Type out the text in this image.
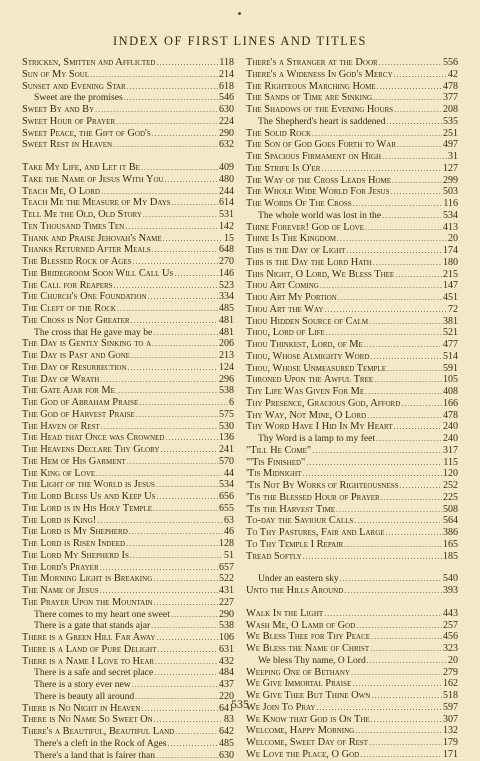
INDEX OF FIRST LINES AND TITLES
Stricken, Smitten and Afflicted .....	118
Sun of My Soul .....	214
Sunset and Evening Star .....	618
Sweet are the promises .....	546
Sweet By and By .....	630
Sweet Hour of Prayer .....	224
Sweet Peace, the Gift of God's .....	290
Sweet Rest in Heaven .....	632
Take My Life, and Let it Be .....	409
Take the Name of Jesus With You .....	480
Teach Me, O Lord .....	244
Teach Me the Measure of My Days .....	614
Tell Me the Old, Old Story .....	531
Ten Thousand Times Ten .....	142
Thank and Praise Jehovah's Name .....	15
Thanks Returned After Meals .....	648
The Blessed Rock of Ages .....	270
The Bridegroom Soon Will Call Us .....	146
The Call for Reapers .....	523
The Church's One Foundation .....	334
The Cleft of the Rock .....	485
The Cross is Not Greater .....	481
The cross that He gave may be .....	481
The Day is Gently Sinking to a .....	206
The Day is Past and Gone .....	213
The Day of Resurrection .....	124
The Day of Wrath .....	296
The Gate Ajar for Me .....	538
The God of Abraham Praise .....	6
The God of Harvest Praise .....	575
The Haven of Rest .....	530
The Head that Once was Crowned .....	136
The Heavens Declare Thy Glory .....	241
The Hem of His Garment .....	570
The King of Love .....	44
The Light of the World is Jesus .....	534
The Lord Bless Us and Keep Us .....	656
The Lord is in His Holy Temple .....	655
The Lord is King! .....	63
The Lord is My Shepherd .....	46
The Lord is Risen Indeed .....	128
The Lord My Shepherd Is .....	51
The Lord's Prayer .....	657
The Morning Light is Breaking .....	522
The Name of Jesus .....	431
The Prayer Upon the Mountain .....	227
There comes to my heart one sweet .....	290
There is a gate that stands ajar .....	538
There is a Green Hill Far Away .....	106
There is a Land of Pure Delight .....	631
There is a Name I Love to Hear .....	432
There is a safe and secret place .....	484
There is a story ever new .....	437
There is beauty all around .....	220
There is No Night in Heaven .....	641
There is No Name So Sweet On .....	83
There's a Beautiful, Beautiful Land .....	642
There's a cleft in the Rock of Ages .....	485
There's a land that is fairer than .....	630
There's a Stranger at the Door .....	556
There's a Wideness In God's Mercy .....	42
The Righteous Marching Home .....	478
The Sands of Time are Sinking .....	377
The Shadows of the Evening Hours .....	208
The Shepherd's heart is saddened .....	535
The Solid Rock .....	251
The Son of God Goes Forth to War .....	497
The Spacious Firmament on High .....	31
The Strife Is O'er .....	127
The Way of the Cross Leads Home .....	299
The Whole Wide World For Jesus .....	503
The Words Of The Cross .....	116
The whole world was lost in the .....	534
Thine Forever! God of Love .....	413
Thine Is The Kingdom .....	20
This is the Day of Light .....	174
This is the Day the Lord Hath .....	180
This Night, O Lord, We Bless Thee .....	215
Thou Art Coming .....	147
Thou Art My Portion .....	451
Thou Art the Way .....	72
Thou Hidden Source of Calm .....	381
Thou, Lord of Life .....	521
Thou Thinkest, Lord, of Me .....	477
Thou, Whose Almighty Word .....	514
Thou, Whose Unmeasured Temple .....	591
Throned Upon the Awful Tree .....	105
Thy Life Was Given For Me .....	408
Thy Presence, Gracious God, Afford .....	166
Thy Way, Not Mine, O Lord .....	478
Thy Word Have I Hid In My Heart .....	240
Thy Word is a lamp to my feet .....	240
"Till He Come" .....	317
"'Tis Finished" .....	115
'Tis Midnight .....	120
'Tis Not By Works of Righteousness .....	252
'Tis the Blessed Hour of Prayer .....	225
'Tis the Harvest Time .....	508
To-day the Saviour Calls .....	564
To Thy Pastures, Fair and Large .....	386
To Thy Temple I Repair .....	165
Tread Softly .....	185
Under an eastern sky .....	540
Unto the Hills Around .....	393
Walk In the Light .....	443
Wash Me, O Lamb of God .....	257
We Bless Thee for Thy Peace .....	456
We Bless the Name of Christ .....	323
We bless Thy name, O Lord .....	20
Weeping One of Bethany .....	279
We Give Immortal Praise .....	162
We Give Thee But Thine Own .....	518
We Join To Pray .....	597
We Know that God is On The .....	307
Welcome, Happy Morning .....	132
Welcome, Sweet Day of Rest .....	179
We Love the Place, O God .....	171
535
